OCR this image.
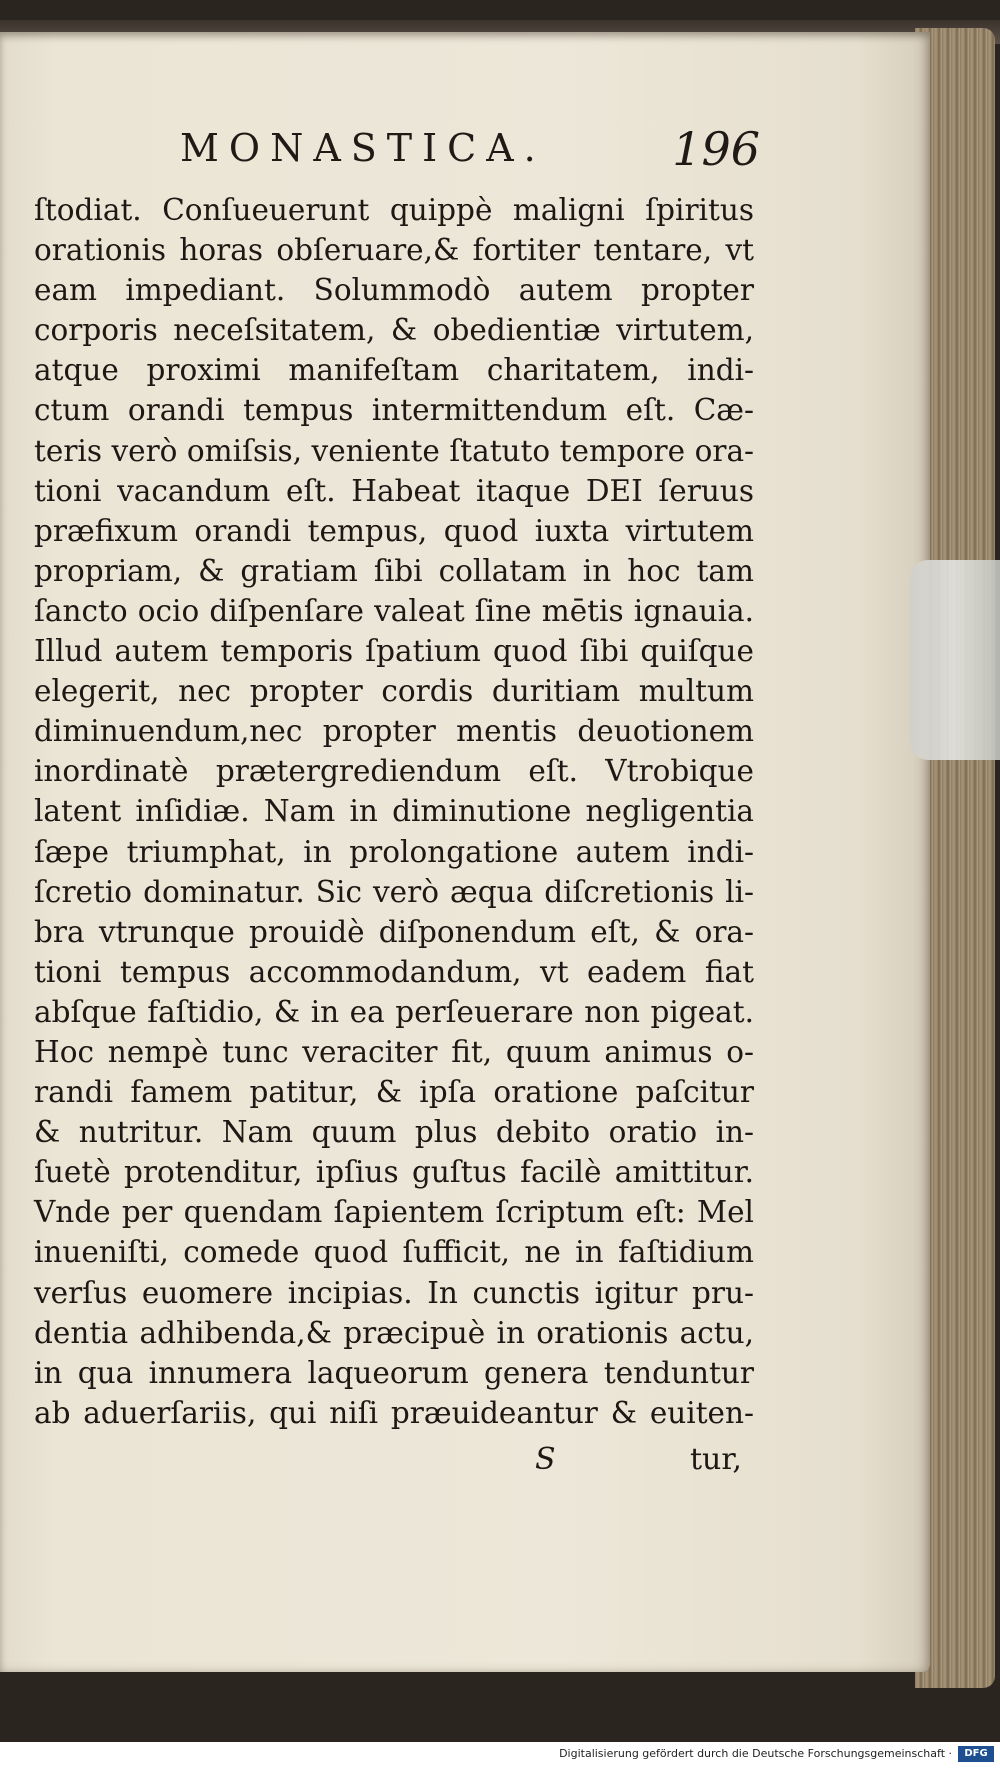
MONASTICA.	196
ſtodiat. Conſueuerunt quippè maligni ſpiritus
orationis horas obſeruare,& fortiter tentare, vt
eam impediant. Solummodò autem propter
corporis neceſsitatem, & obedientiæ virtutem,
atque proximi manifeſtam charitatem, indi-
ctum orandi tempus intermittendum eſt. Cæ-
teris verò omiſsis, veniente ſtatuto tempore ora-
tioni vacandum eſt. Habeat itaque DEI ſeruus
præfixum orandi tempus, quod iuxta virtutem
propriam, & gratiam ſibi collatam in hoc tam
ſancto ocio diſpenſare valeat ſine mētis ignauia.
Illud autem temporis ſpatium quod ſibi quiſque
elegerit, nec propter cordis duritiam multum
diminuendum,nec propter mentis deuotionem
inordinatè prætergrediendum eſt. Vtrobique
latent inſidiæ. Nam in diminutione negligentia
ſæpe triumphat, in prolongatione autem indi-
ſcretio dominatur. Sic verò æqua diſcretionis li-
bra vtrunque prouidè diſponendum eſt, & ora-
tioni tempus accommodandum, vt eadem fiat
abſque faſtidio, & in ea perſeuerare non pigeat.
Hoc nempè tunc veraciter fit, quum animus o-
randi famem patitur, & ipſa oratione paſcitur
& nutritur. Nam quum plus debito oratio in-
ſuetè protenditur, ipſius guſtus facilè amittitur.
Vnde per quendam ſapientem ſcriptum eſt: Mel
inueniſti, comede quod ſufficit, ne in faſtidium
verſus euomere incipias. In cunctis igitur pru-
dentia adhibenda,& præcipuè in orationis actu,
in qua innumera laqueorum genera tenduntur
ab aduerſariis, qui niſi præuideantur & euiten-
S	tur,
Digitalisierung gefördert durch die Deutsche Forschungsgemeinschaft ·	DFG
